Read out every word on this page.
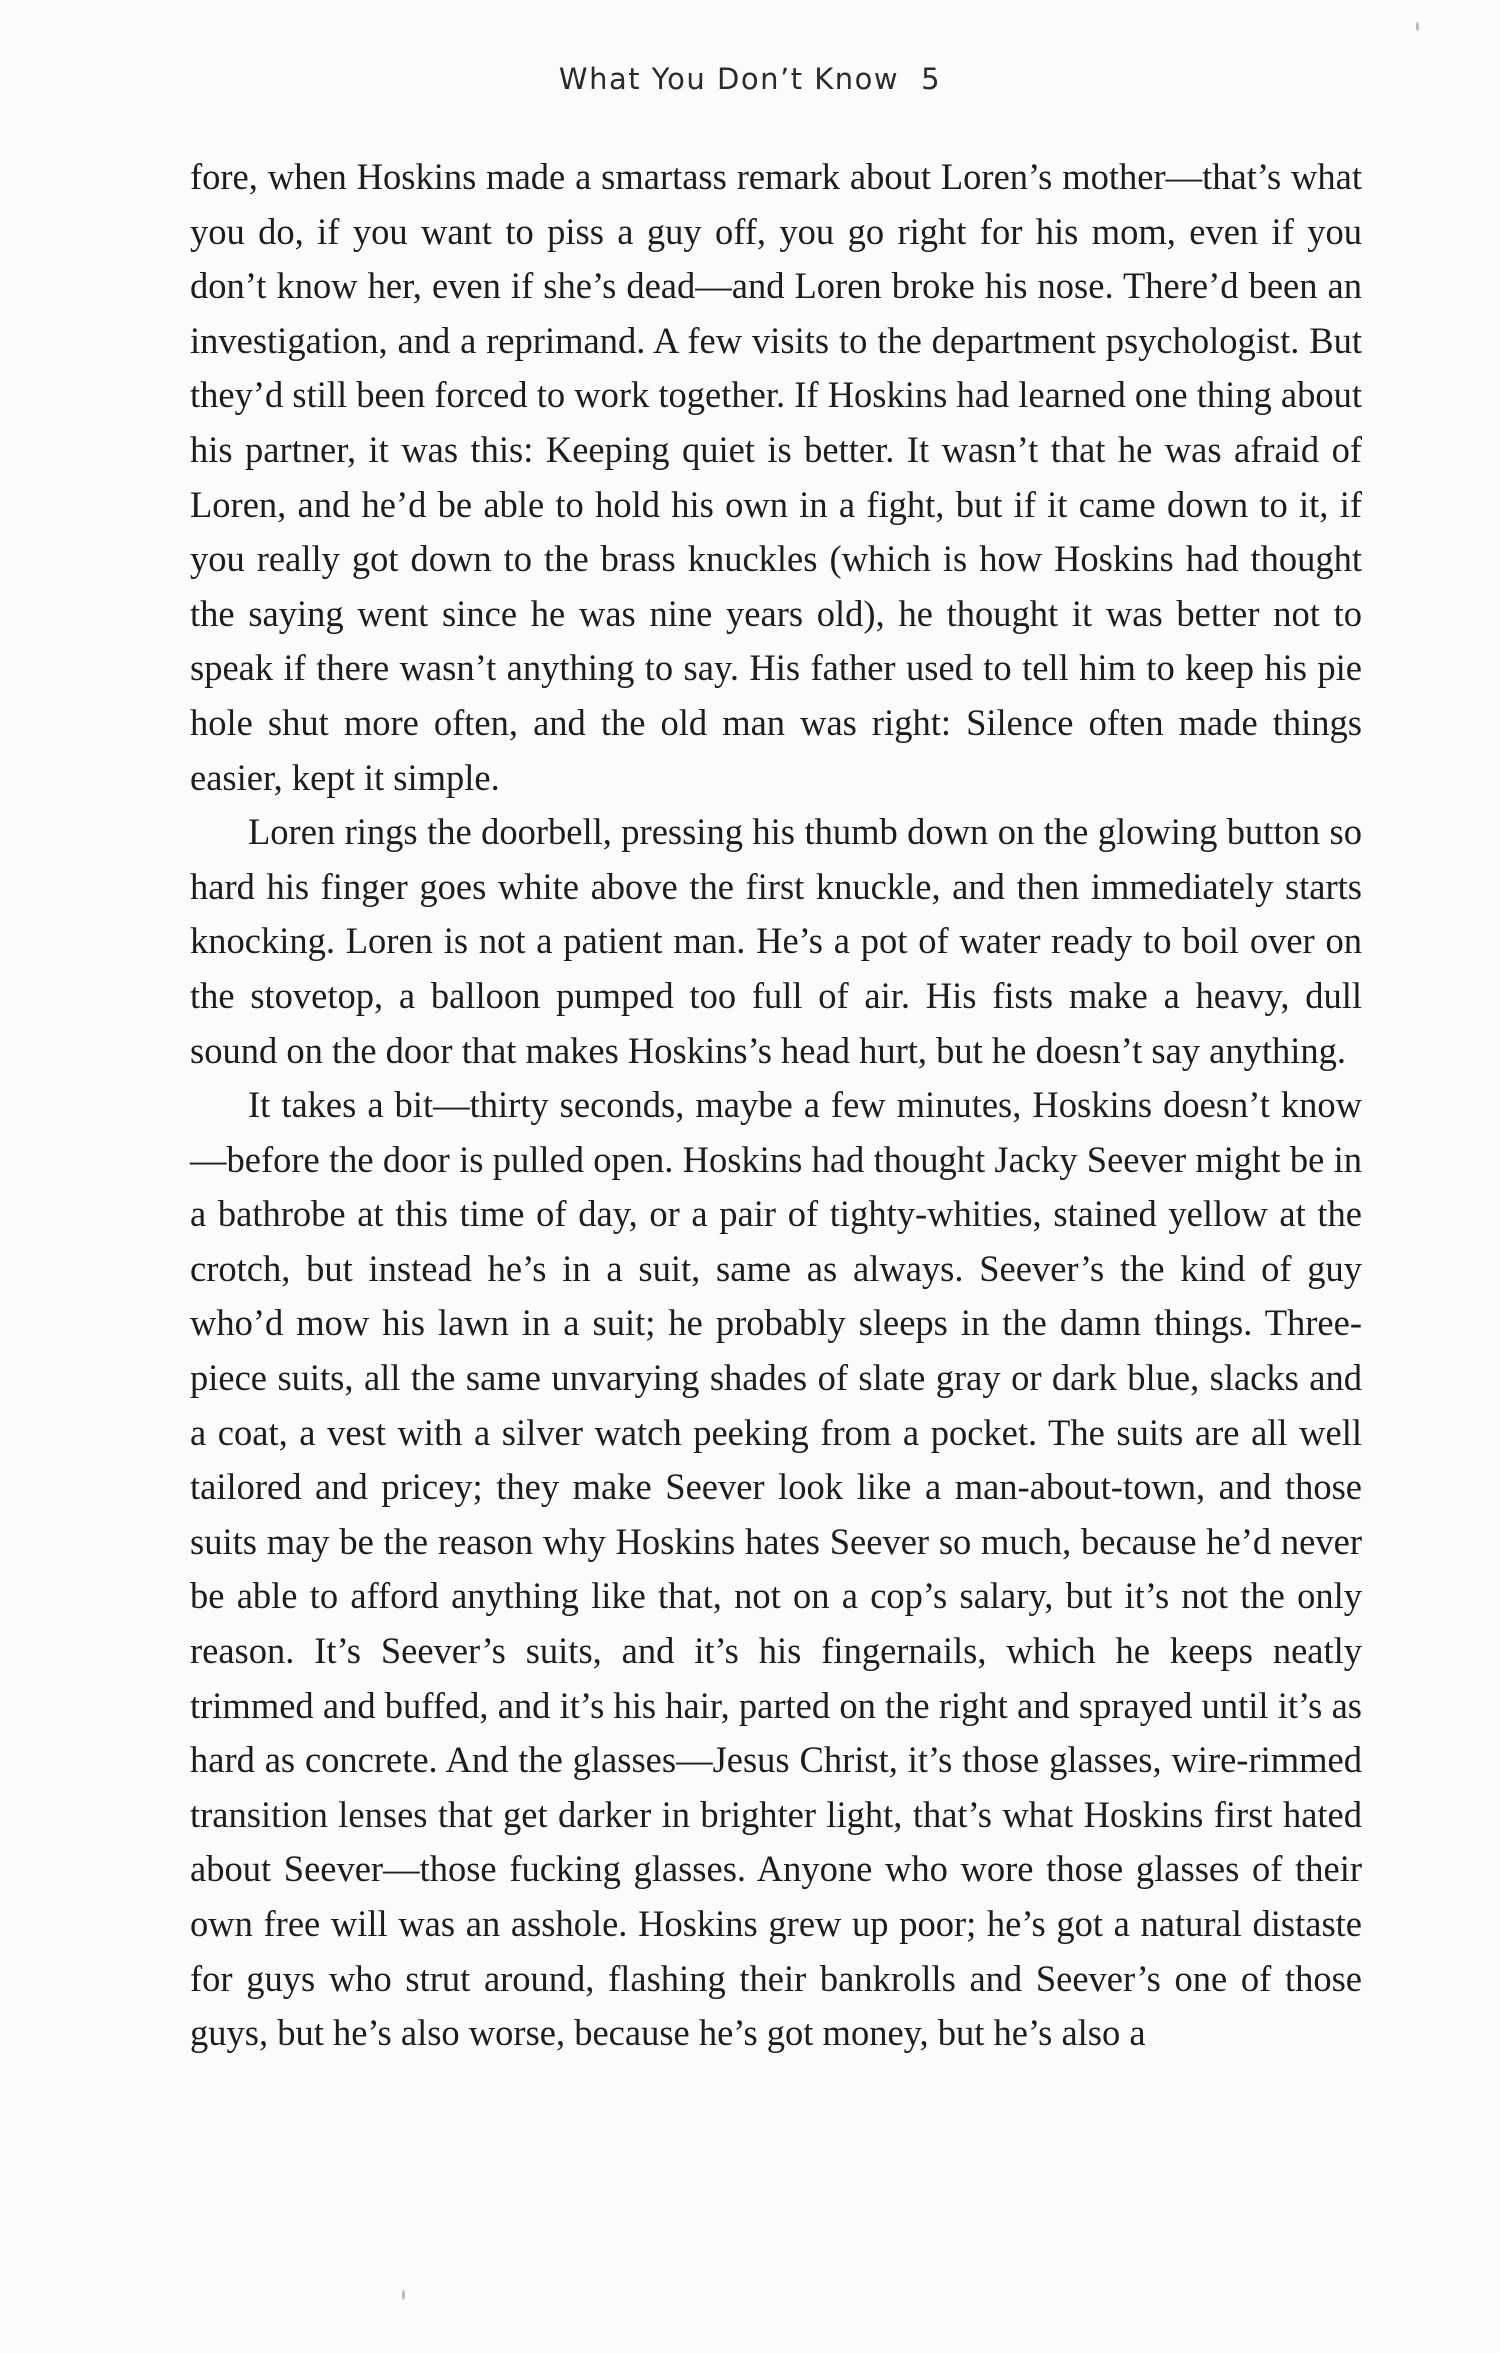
What You Don’t Know 5

fore, when Hoskins made a smartass remark about Loren’s mother—that’s what you do, if you want to piss a guy off, you go right for his mom, even if you don’t know her, even if she’s dead—and Loren broke his nose. There’d been an investigation, and a reprimand. A few visits to the department psychologist. But they’d still been forced to work together. If Hoskins had learned one thing about his partner, it was this: Keeping quiet is better. It wasn’t that he was afraid of Loren, and he’d be able to hold his own in a fight, but if it came down to it, if you really got down to the brass knuckles (which is how Hoskins had thought the saying went since he was nine years old), he thought it was better not to speak if there wasn’t anything to say. His father used to tell him to keep his pie hole shut more often, and the old man was right: Silence often made things easier, kept it simple.

Loren rings the doorbell, pressing his thumb down on the glowing button so hard his finger goes white above the first knuckle, and then immediately starts knocking. Loren is not a patient man. He’s a pot of water ready to boil over on the stovetop, a balloon pumped too full of air. His fists make a heavy, dull sound on the door that makes Hoskins’s head hurt, but he doesn’t say anything.

It takes a bit—thirty seconds, maybe a few minutes, Hoskins doesn’t know—before the door is pulled open. Hoskins had thought Jacky Seever might be in a bathrobe at this time of day, or a pair of tighty-whities, stained yellow at the crotch, but instead he’s in a suit, same as always. Seever’s the kind of guy who’d mow his lawn in a suit; he probably sleeps in the damn things. Three-piece suits, all the same unvarying shades of slate gray or dark blue, slacks and a coat, a vest with a silver watch peeking from a pocket. The suits are all well tailored and pricey; they make Seever look like a man-about-town, and those suits may be the reason why Hoskins hates Seever so much, because he’d never be able to afford anything like that, not on a cop’s salary, but it’s not the only reason. It’s Seever’s suits, and it’s his fingernails, which he keeps neatly trimmed and buffed, and it’s his hair, parted on the right and sprayed until it’s as hard as concrete. And the glasses—Jesus Christ, it’s those glasses, wire-rimmed transition lenses that get darker in brighter light, that’s what Hoskins first hated about Seever—those fucking glasses. Anyone who wore those glasses of their own free will was an asshole. Hoskins grew up poor; he’s got a natural distaste for guys who strut around, flashing their bankrolls and Seever’s one of those guys, but he’s also worse, because he’s got money, but he’s also a
